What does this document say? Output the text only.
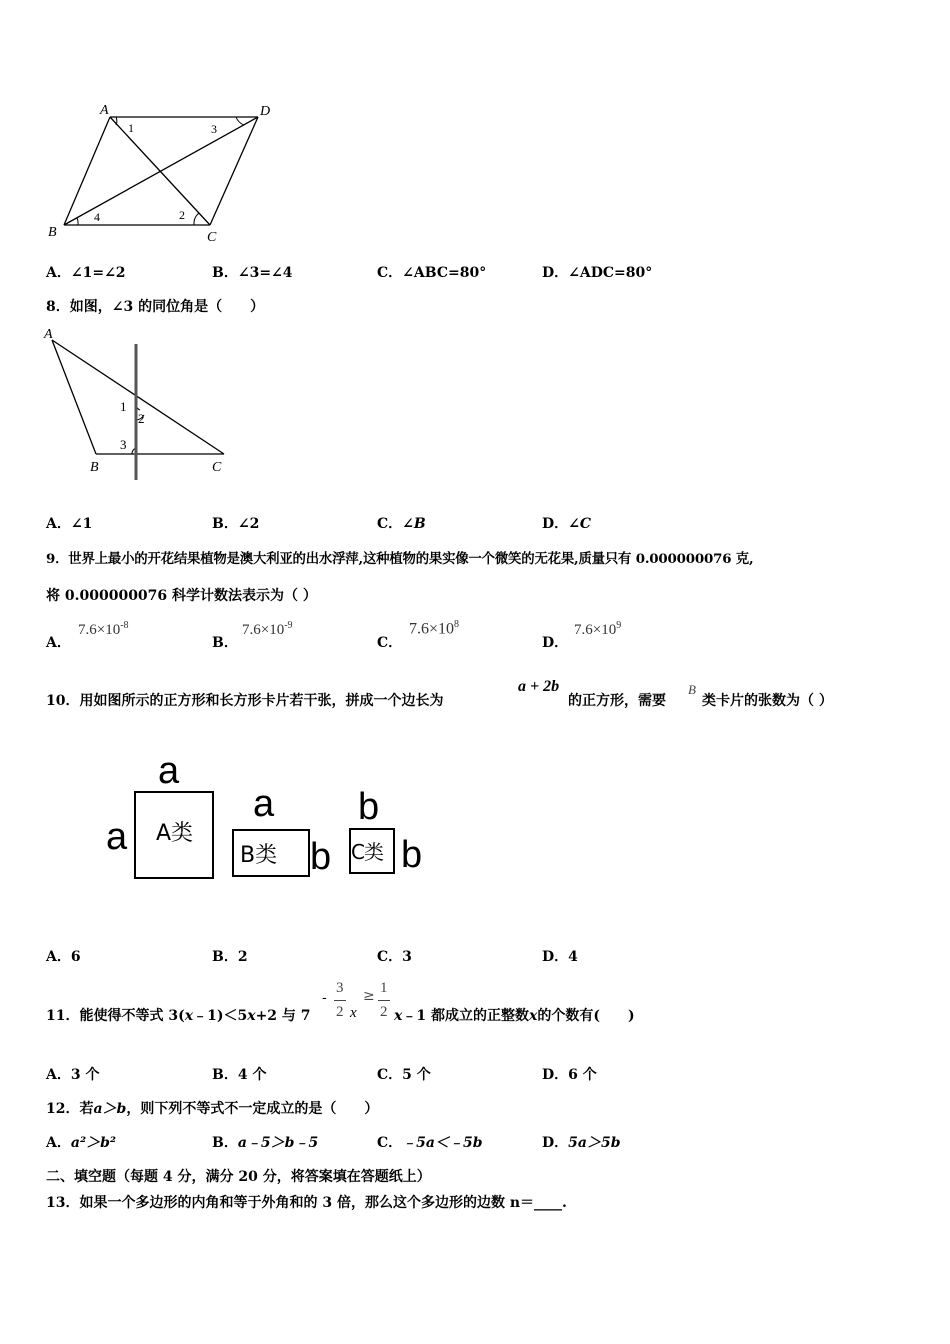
A	D
B	C
1	3
4	2
A．∠1=∠2	B．∠3=∠4	C．∠ABC=80°	D．∠ADC=80°
8．如图，∠3 的同位角是（　　）
A
B	C
1
2
3
A．∠1	B．∠2	C．∠B	D．∠C
9．世界上最小的开花结果植物是澳大利亚的出水浮萍,这种植物的果实像一个微笑的无花果,质量只有 0.000000076 克,
将 0.000000076 科学计数法表示为（ ）
A．
$7.6\times 10^{-8}$
B．
$7.6\times 10^{-9}$
C．
$7.6\times 10^8$
D．
$7.6\times 10^9$
10．用如图所示的正方形和长方形卡片若干张，拼成一个边长为
a + 2b
的正方形，需要
B
类卡片的张数为（ ）
a
a A类
a
B类 b
b
C类 b
A．6	B．2	C．3	D．4
11．能使得不等式 3(x﹣1)＜5x+2 与 7
-
3
2 x
≥ 1
2 x﹣1 都成立的正整数x的个数有(　　)
A．3 个	B．4 个	C．5 个	D．6 个
12．若a＞b，则下列不等式不一定成立的是（　　）
A．a²＞b²	B．a﹣5＞b﹣5	C．﹣5a＜﹣5b	D．5a＞5b
二、填空题（每题 4 分，满分 20 分，将答案填在答题纸上）
13．如果一个多边形的内角和等于外角和的 3 倍，那么这个多边形的边数 n＝____.
